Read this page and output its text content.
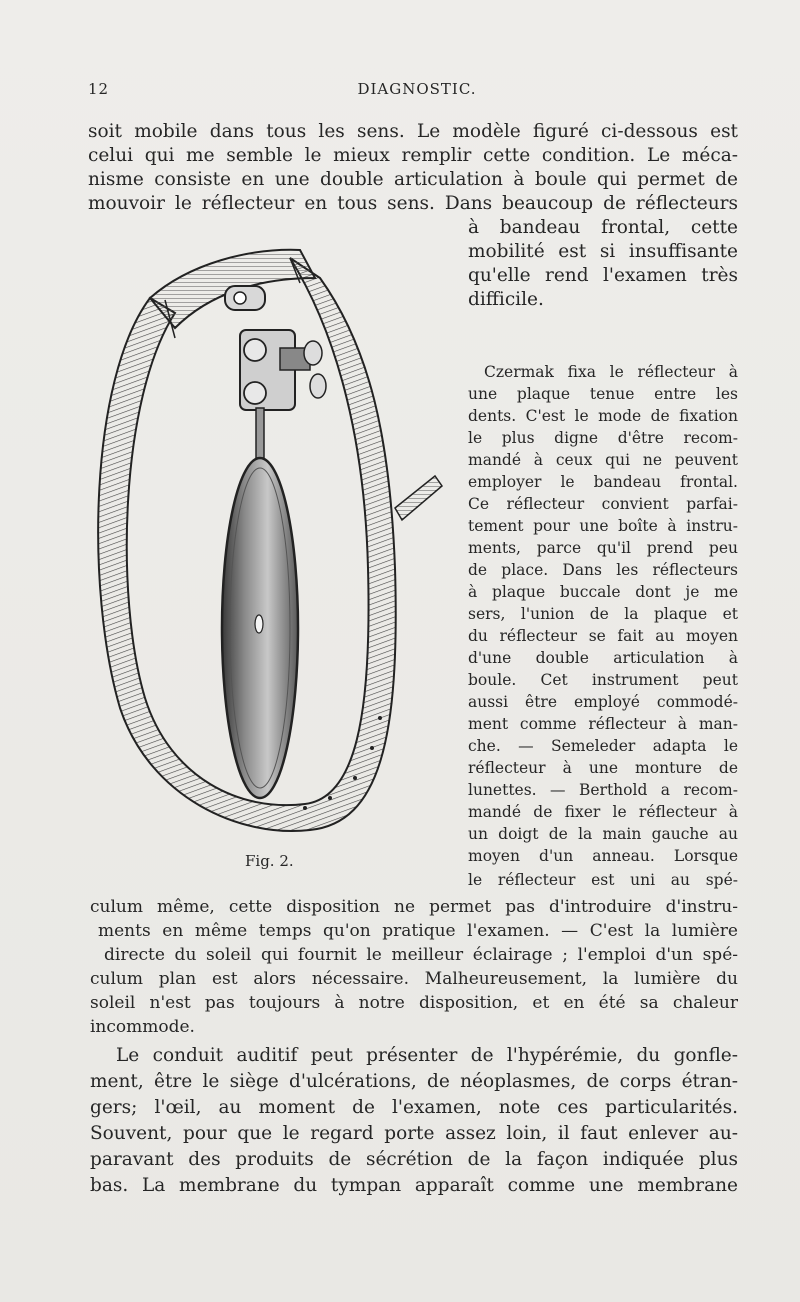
12	DIAGNOSTIC.
soit mobile dans tous les sens. Le modèle figuré ci-dessous est
celui qui me semble le mieux remplir cette condition. Le méca-
nisme consiste en une double articulation à boule qui permet de
mouvoir le réflecteur en tous sens. Dans beaucoup de réflecteurs
à bandeau frontal, cette
mobilité est si insuffisante
qu'elle rend l'examen très
difficile.
Fig. 2.
Czermak fixa le réflecteur à
une plaque tenue entre les
dents. C'est le mode de fixation
le plus digne d'être recom-
mandé à ceux qui ne peuvent
employer le bandeau frontal.
Ce réflecteur convient parfai-
tement pour une boîte à instru-
ments, parce qu'il prend peu
de place. Dans les réflecteurs
à plaque buccale dont je me
sers, l'union de la plaque et
du réflecteur se fait au moyen
d'une double articulation à
boule. Cet instrument peut
aussi être employé commodé-
ment comme réflecteur à man-
che. — Semeleder adapta le
réflecteur à une monture de
lunettes. — Berthold a recom-
mandé de fixer le réflecteur à
un doigt de la main gauche au
moyen d'un anneau. Lorsque
le réflecteur est uni au spé-
culum même, cette disposition ne permet pas d'introduire d'instru-
ments en même temps qu'on pratique l'examen. — C'est la lumière
directe du soleil qui fournit le meilleur éclairage ; l'emploi d'un spé-
culum plan est alors nécessaire. Malheureusement, la lumière du
soleil n'est pas toujours à notre disposition, et en été sa chaleur
incommode.
Le conduit auditif peut présenter de l'hypérémie, du gonfle-
ment, être le siège d'ulcérations, de néoplasmes, de corps étran-
gers; l'œil, au moment de l'examen, note ces particularités.
Souvent, pour que le regard porte assez loin, il faut enlever au-
paravant des produits de sécrétion de la façon indiquée plus
bas. La membrane du tympan apparaît comme une membrane
